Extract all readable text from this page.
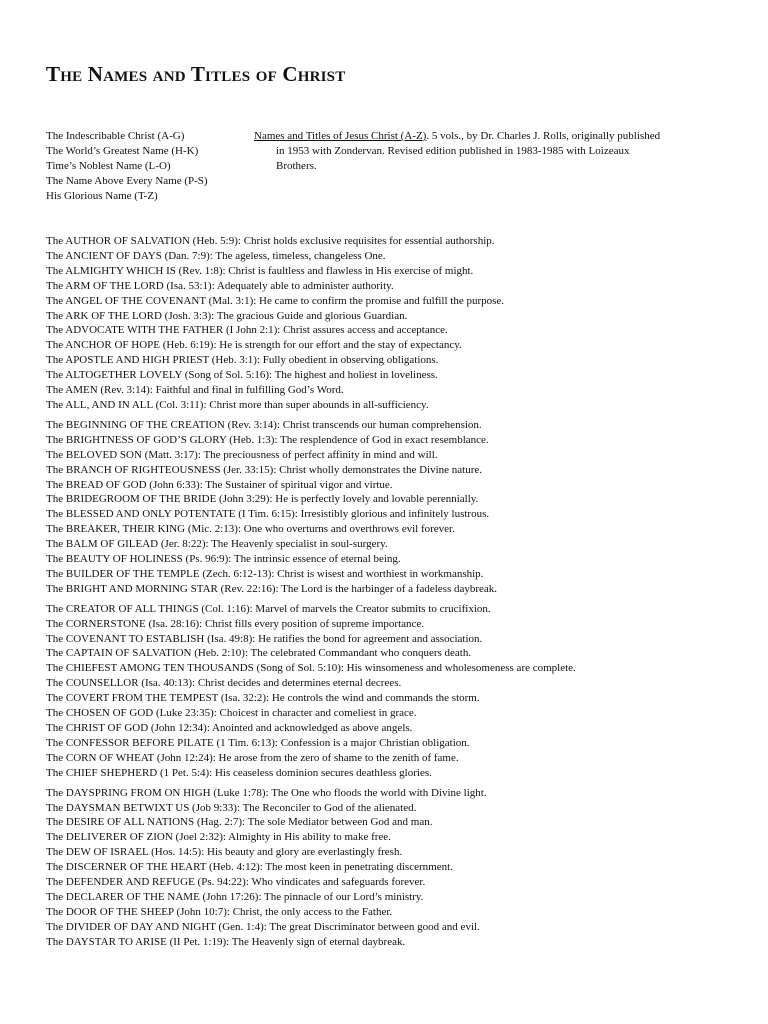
The Names and Titles of Christ
The Indescribable Christ (A-G)
The World’s Greatest Name (H-K)
Time’s Noblest Name (L-O)
The Name Above Every Name (P-S)
His Glorious Name (T-Z)
Names and Titles of Jesus Christ (A-Z). 5 vols., by Dr. Charles J. Rolls, originally published
in 1953 with Zondervan. Revised edition published in 1983-1985 with Loizeaux
Brothers.
The AUTHOR OF SALVATION (Heb. 5:9): Christ holds exclusive requisites for essential authorship.
The ANCIENT OF DAYS (Dan. 7:9): The ageless, timeless, changeless One.
The ALMIGHTY WHICH IS (Rev. 1:8): Christ is faultless and flawless in His exercise of might.
The ARM OF THE LORD (Isa. 53:1): Adequately able to administer authority.
The ANGEL OF THE COVENANT (Mal. 3:1): He came to confirm the promise and fulfill the purpose.
The ARK OF THE LORD (Josh. 3:3): The gracious Guide and glorious Guardian.
The ADVOCATE WITH THE FATHER (I John 2:1): Christ assures access and acceptance.
The ANCHOR OF HOPE (Heb. 6:19): He is strength for our effort and the stay of expectancy.
The APOSTLE AND HIGH PRIEST (Heb. 3:1): Fully obedient in observing obligations.
The ALTOGETHER LOVELY (Song of Sol. 5:16): The highest and holiest in loveliness.
The AMEN (Rev. 3:14): Faithful and final in fulfilling God’s Word.
The ALL, AND IN ALL (Col. 3:11): Christ more than super abounds in all-sufficiency.
The BEGINNING OF THE CREATION (Rev. 3:14): Christ transcends our human comprehension.
The BRIGHTNESS OF GOD’S GLORY (Heb. 1:3): The resplendence of God in exact resemblance.
The BELOVED SON (Matt. 3:17): The preciousness of perfect affinity in mind and will.
The BRANCH OF RIGHTEOUSNESS (Jer. 33:15): Christ wholly demonstrates the Divine nature.
The BREAD OF GOD (John 6:33): The Sustainer of spiritual vigor and virtue.
The BRIDEGROOM OF THE BRIDE (John 3:29): He is perfectly lovely and lovable perennially.
The BLESSED AND ONLY POTENTATE (I Tim. 6:15): Irresistibly glorious and infinitely lustrous.
The BREAKER, THEIR KING (Mic. 2:13): One who overturns and overthrows evil forever.
The BALM OF GILEAD (Jer. 8:22): The Heavenly specialist in soul-surgery.
The BEAUTY OF HOLINESS (Ps. 96:9): The intrinsic essence of eternal being.
The BUILDER OF THE TEMPLE (Zech. 6:12-13): Christ is wisest and worthiest in workmanship.
The BRIGHT AND MORNING STAR (Rev. 22:16): The Lord is the harbinger of a fadeless daybreak.
The CREATOR OF ALL THINGS (Col. 1:16): Marvel of marvels the Creator submits to crucifixion.
The CORNERSTONE (Isa. 28:16): Christ fills every position of supreme importance.
The COVENANT TO ESTABLISH (Isa. 49:8): He ratifies the bond for agreement and association.
The CAPTAIN OF SALVATION (Heb. 2:10): The celebrated Commandant who conquers death.
The CHIEFEST AMONG TEN THOUSANDS (Song of Sol. 5:10): His winsomeness and wholesomeness are complete.
The COUNSELLOR (Isa. 40:13): Christ decides and determines eternal decrees.
The COVERT FROM THE TEMPEST (Isa. 32:2): He controls the wind and commands the storm.
The CHOSEN OF GOD (Luke 23:35): Choicest in character and comeliest in grace.
The CHRIST OF GOD (John 12:34): Anointed and acknowledged as above angels.
The CONFESSOR BEFORE PILATE (1 Tim. 6:13): Confession is a major Christian obligation.
The CORN OF WHEAT (John 12:24): He arose from the zero of shame to the zenith of fame.
The CHIEF SHEPHERD (1 Pet. 5:4): His ceaseless dominion secures deathless glories.
The DAYSPRING FROM ON HIGH (Luke 1:78): The One who floods the world with Divine light.
The DAYSMAN BETWIXT US (Job 9:33): The Reconciler to God of the alienated.
The DESIRE OF ALL NATIONS (Hag. 2:7): The sole Mediator between God and man.
The DELIVERER OF ZION (Joel 2:32): Almighty in His ability to make free.
The DEW OF ISRAEL (Hos. 14:5): His beauty and glory are everlastingly fresh.
The DISCERNER OF THE HEART (Heb. 4:12): The most keen in penetrating discernment.
The DEFENDER AND REFUGE (Ps. 94:22): Who vindicates and safeguards forever.
The DECLARER OF THE NAME (John 17:26): The pinnacle of our Lord’s ministry.
The DOOR OF THE SHEEP (John 10:7): Christ, the only access to the Father.
The DIVIDER OF DAY AND NIGHT (Gen. 1:4): The great Discriminator between good and evil.
The DAYSTAR TO ARISE (II Pet. 1:19): The Heavenly sign of eternal daybreak.
